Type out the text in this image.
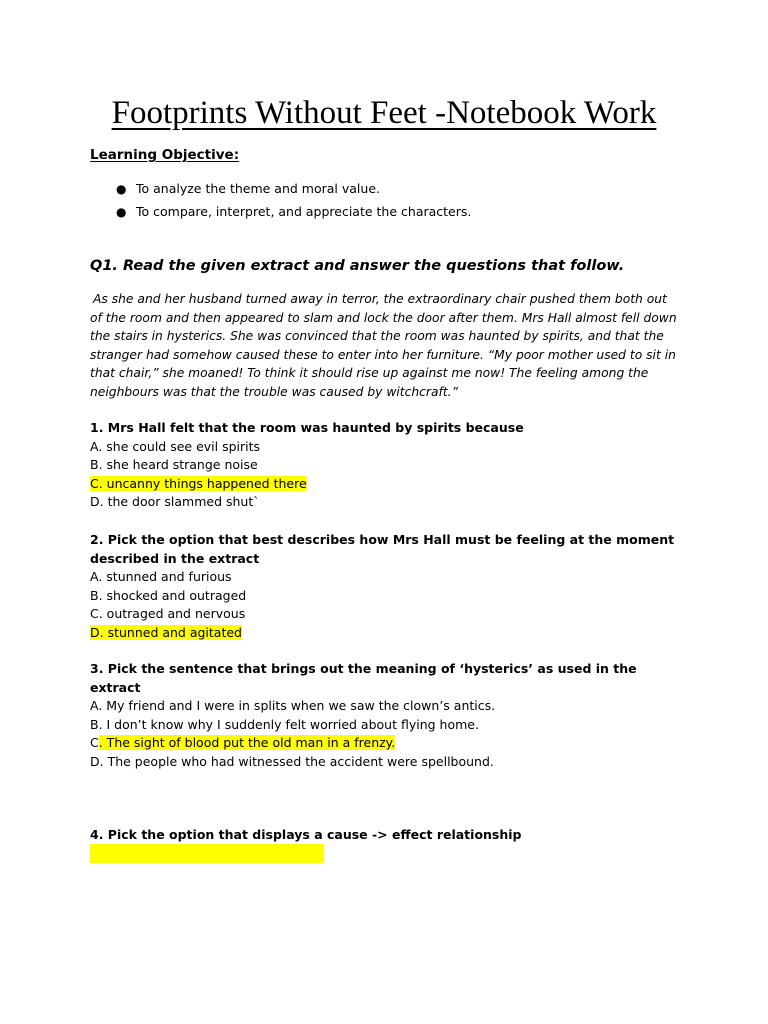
Footprints Without Feet -Notebook Work
Learning Objective:
● To analyze the theme and moral value.
● To compare, interpret, and appreciate the characters.
Q1. Read the given extract and answer the questions that follow.

As she and her husband turned away in terror, the extraordinary chair pushed them both out of the room and then appeared to slam and lock the door after them. Mrs Hall almost fell down the stairs in hysterics. She was convinced that the room was haunted by spirits, and that the stranger had somehow caused these to enter into her furniture. “My poor mother used to sit in that chair,” she moaned! To think it should rise up against me now! The feeling among the neighbours was that the trouble was caused by witchcraft.”

1. Mrs Hall felt that the room was haunted by spirits because

A. she could see evil spirits
B. she heard strange noise
C. uncanny things happened there
D. the door slammed shut`

2. Pick the option that best describes how Mrs Hall must be feeling at the moment described in the extract

A. stunned and furious
B. shocked and outraged
C. outraged and nervous
D. stunned and agitated

3. Pick the sentence that brings out the meaning of ‘hysterics’ as used in the extract

A. My friend and I were in splits when we saw the clown’s antics.
B. I don’t know why I suddenly felt worried about flying home.
C. The sight of blood put the old man in a frenzy.
D. The people who had witnessed the accident were spellbound.

4. Pick the option that displays a cause -> effect relationship
